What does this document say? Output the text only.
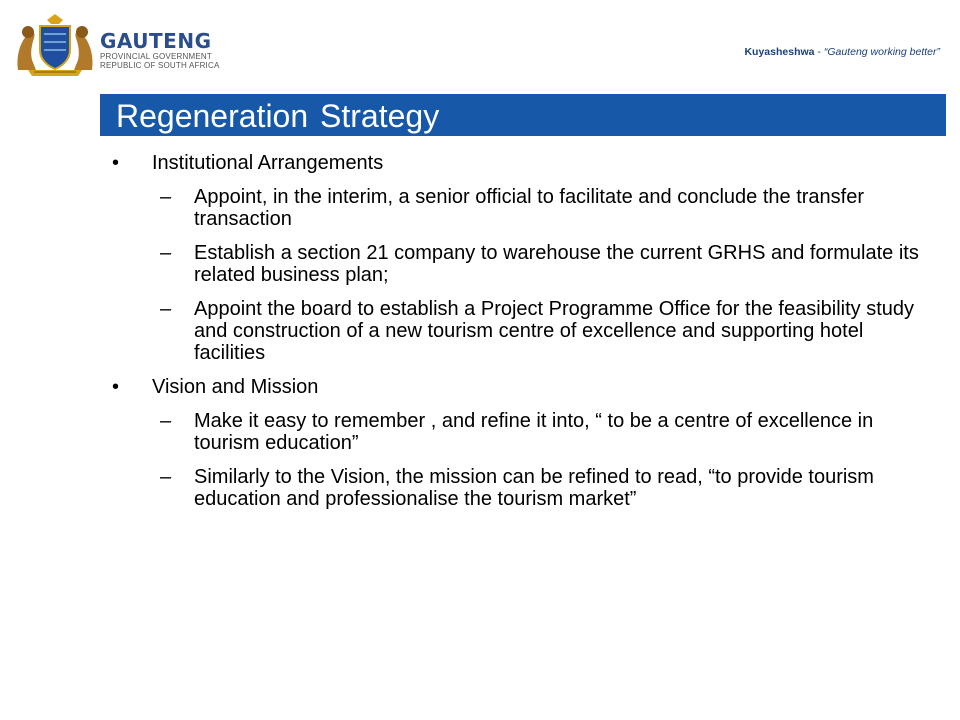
GAUTENG
PROVINCIAL GOVERNMENT
REPUBLIC OF SOUTH AFRICA
Kuyasheshwa - “Gauteng working better”
Regeneration Strategy
•	Institutional Arrangements
–	Appoint, in the interim, a senior official to facilitate and conclude the transfer transaction
–	Establish a section 21 company to warehouse the current GRHS and formulate its related business plan;
–	Appoint the board to establish a Project Programme Office for the feasibility study and construction of a new tourism centre of excellence and supporting hotel facilities
•	Vision and Mission
–	Make it easy to remember , and refine it into, “ to be a centre of excellence in tourism education”
–	Similarly to the Vision, the mission can be refined to read, “to provide tourism education and professionalise the tourism market”
